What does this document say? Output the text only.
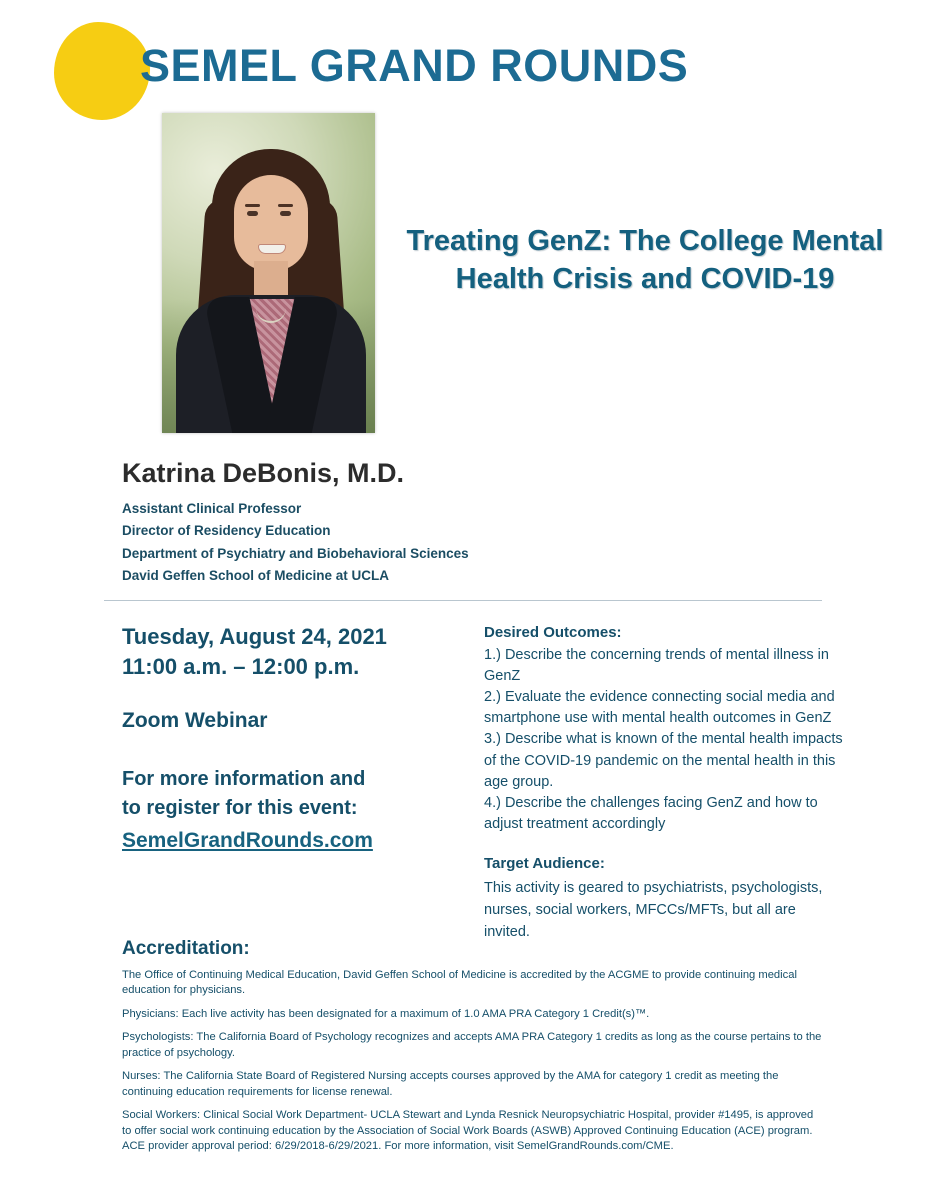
SEMEL GRAND ROUNDS
Treating GenZ: The College Mental Health Crisis and COVID-19
Katrina DeBonis, M.D.
Assistant Clinical Professor
Director of Residency Education
Department of Psychiatry and Biobehavioral Sciences
David Geffen School of Medicine at UCLA
Tuesday, August 24, 2021
11:00 a.m. – 12:00 p.m.
Zoom Webinar
For more information and
to register for this event:
SemelGrandRounds.com
Desired Outcomes:
1.) Describe the concerning trends of mental illness in GenZ
2.) Evaluate the evidence connecting social media and smartphone use with mental health outcomes in GenZ
3.) Describe what is known of the mental health impacts of the COVID-19 pandemic on the mental health in this age group.
4.) Describe the challenges facing GenZ and how to adjust treatment accordingly
Target Audience:
This activity is geared to psychiatrists, psychologists, nurses, social workers, MFCCs/MFTs, but all are invited.
Accreditation:

The Office of Continuing Medical Education, David Geffen School of Medicine is accredited by the ACGME to provide continuing medical education for physicians.

Physicians: Each live activity has been designated for a maximum of 1.0 AMA PRA Category 1 Credit(s)™.

Psychologists: The California Board of Psychology recognizes and accepts AMA PRA Category 1 credits as long as the course pertains to the practice of psychology.

Nurses: The California State Board of Registered Nursing accepts courses approved by the AMA for category 1 credit as meeting the continuing education requirements for license renewal.

Social Workers: Clinical Social Work Department- UCLA Stewart and Lynda Resnick Neuropsychiatric Hospital, provider #1495, is approved to offer social work continuing education by the Association of Social Work Boards (ASWB) Approved Continuing Education (ACE) program. ACE provider approval period: 6/29/2018-6/29/2021. For more information, visit SemelGrandRounds.com/CME.
